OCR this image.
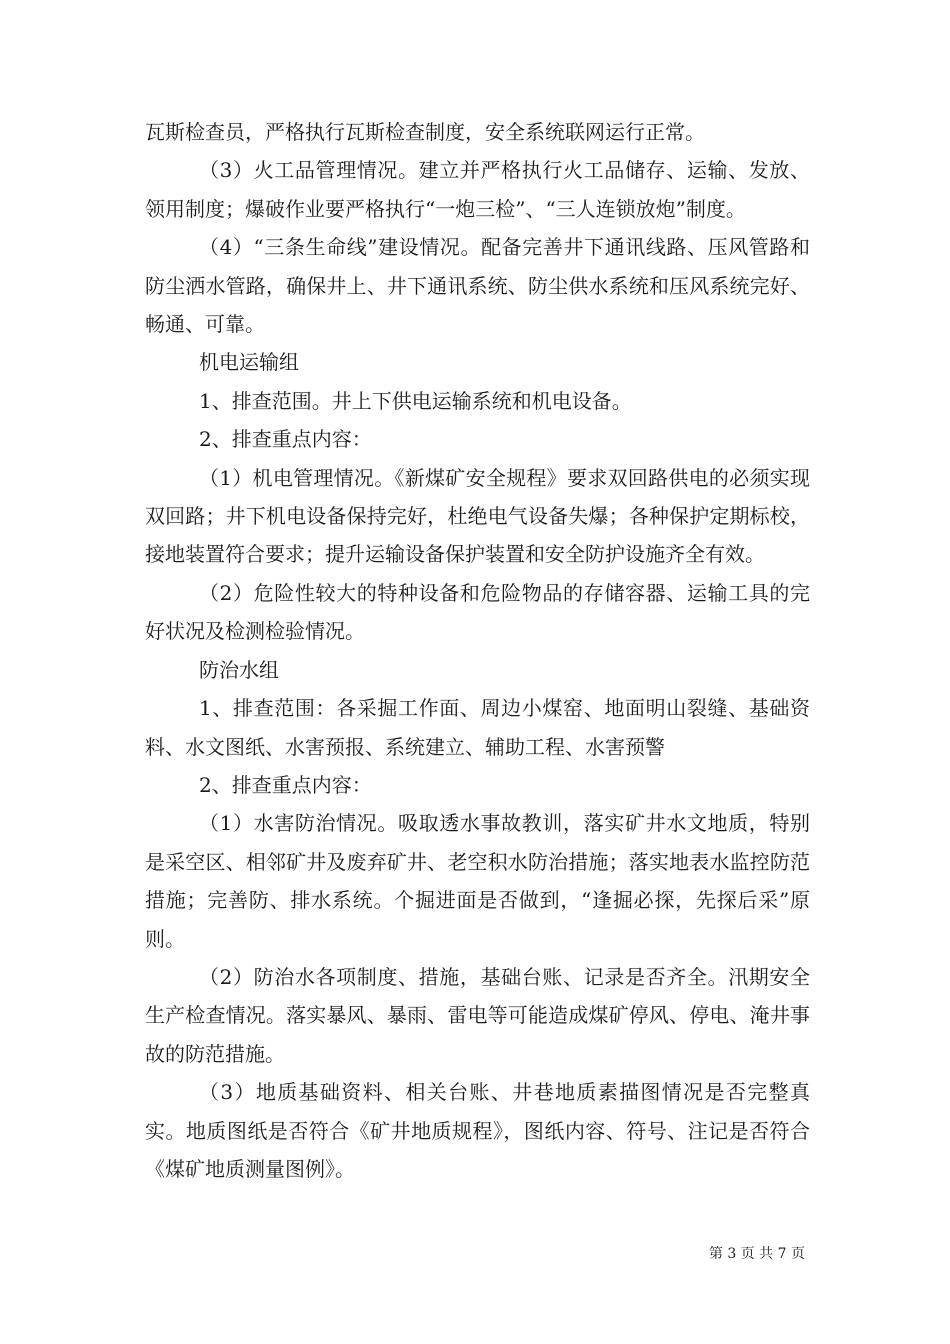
瓦斯检查员，严格执行瓦斯检查制度，安全系统联网运行正常。

（3）火工品管理情况。建立并严格执行火工品储存、运输、发放、领用制度；爆破作业要严格执行“一炮三检”、“三人连锁放炮”制度。

（4）“三条生命线”建设情况。配备完善井下通讯线路、压风管路和防尘洒水管路，确保井上、井下通讯系统、防尘供水系统和压风系统完好、畅通、可靠。

机电运输组

1、排查范围。井上下供电运输系统和机电设备。

2、排查重点内容：

（1）机电管理情况。《新煤矿安全规程》要求双回路供电的必须实现双回路；井下机电设备保持完好，杜绝电气设备失爆；各种保护定期标校，接地装置符合要求；提升运输设备保护装置和安全防护设施齐全有效。

（2）危险性较大的特种设备和危险物品的存储容器、运输工具的完好状况及检测检验情况。

防治水组

1、排查范围：各采掘工作面、周边小煤窑、地面明山裂缝、基础资料、水文图纸、水害预报、系统建立、辅助工程、水害预警

2、排查重点内容：

（1）水害防治情况。吸取透水事故教训，落实矿井水文地质，特别是采空区、相邻矿井及废弃矿井、老空积水防治措施；落实地表水监控防范措施；完善防、排水系统。个掘进面是否做到，“逢掘必探，先探后采”原则。

（2）防治水各项制度、措施，基础台账、记录是否齐全。汛期安全生产检查情况。落实暴风、暴雨、雷电等可能造成煤矿停风、停电、淹井事故的防范措施。

（3）地质基础资料、相关台账、井巷地质素描图情况是否完整真实。地质图纸是否符合《矿井地质规程》，图纸内容、符号、注记是否符合《煤矿地质测量图例》。

第 3 页 共 7 页
